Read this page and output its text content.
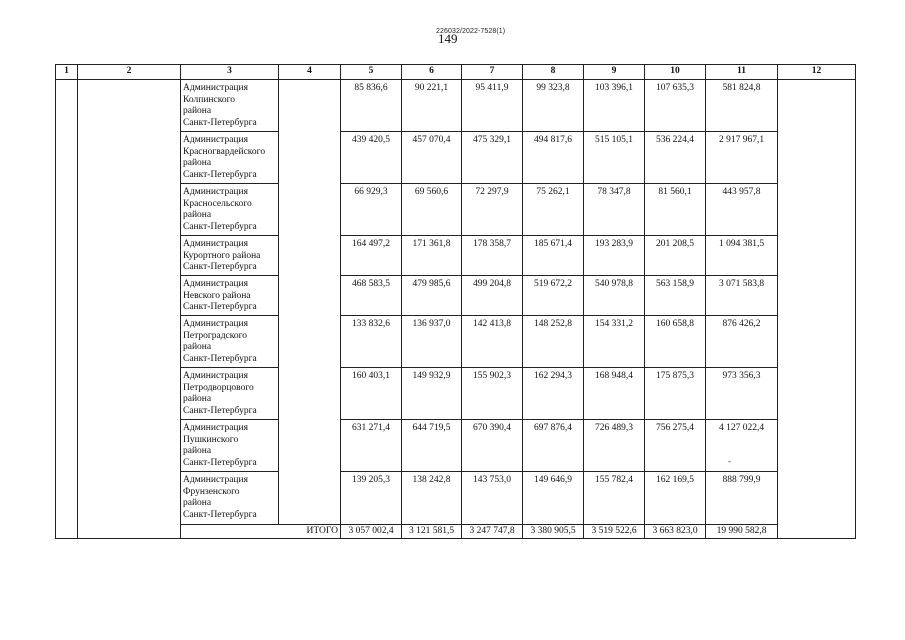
226032/2022-7528(1)
149
1	2	3	4	5	6	7	8	9	10	11	12

		Администрация
Колпинского
района
Санкт-Петербурга		85 836,6	90 221,1	95 411,9	99 323,8	103 396,1	107 635,3	581 824,8	

		Администрация
Красногвардейского
района
Санкт-Петербурга		439 420,5	457 070,4	475 329,1	494 817,6	515 105,1	536 224,4	2 917 967,1	

		Администрация
Красносельского
района
Санкт-Петербурга		66 929,3	69 560,6	72 297,9	75 262,1	78 347,8	81 560,1	443 957,8	

		Администрация
Курортного района
Санкт-Петербурга		164 497,2	171 361,8	178 358,7	185 671,4	193 283,9	201 208,5	1 094 381,5	

		Администрация
Невского района
Санкт-Петербурга		468 583,5	479 985,6	499 204,8	519 672,2	540 978,8	563 158,9	3 071 583,8	

		Администрация
Петроградского
района
Санкт-Петербурга		133 832,6	136 937,0	142 413,8	148 252,8	154 331,2	160 658,8	876 426,2	

		Администрация
Петродворцового
района
Санкт-Петербурга		160 403,1	149 932,9	155 902,3	162 294,3	168 948,4	175 875,3	973 356,3	

		Администрация
Пушкинского
района
Санкт-Петербурга		631 271,4	644 719,5	670 390,4	697 876,4	726 489,3	756 275,4	4 127 022,4	

		Администрация
Фрунзенского
района
Санкт-Петербурга		139 205,3	138 242,8	143 753,0	149 646,9	155 782,4	162 169,5	888 799,9	
		ИТОГО		3 057 002,4	3 121 581,5	3 247 747,8	3 380 905,5	3 519 522,6	3 663 823,0	19 990 582,8	
-
